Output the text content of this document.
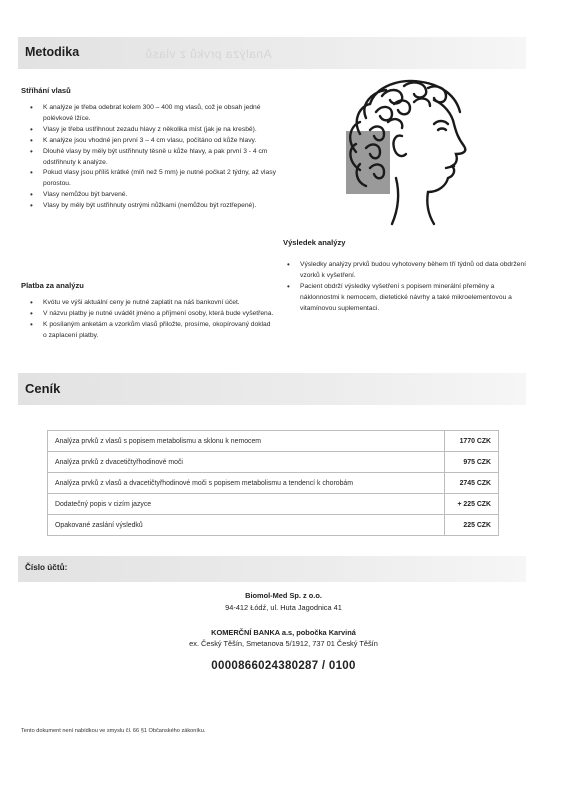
Metodika	Analýza prvků z vlasů
Stříhání vlasů
• K analýze je třeba odebrat kolem 300 – 400 mg vlasů, což je obsah jedné polévkové lžíce.
• Vlasy je třeba ustřihnout zezadu hlavy z několika míst (jak je na kresbě).
• K analýze jsou vhodné jen první 3 – 4 cm vlasu, počítáno od kůže hlavy.
• Dlouhé vlasy by měly být ustřihnuty těsně u kůže hlavy, a pak první 3 - 4 cm odstřihnuty k analýze.
• Pokud vlasy jsou příliš krátké (míň než 5 mm) je nutné počkat 2 týdny, až vlasy porostou.
• Vlasy nemůžou být barvené.
• Vlasy by měly být ustřihnuty ostrými nůžkami (nemůžou být roztřepené).
Platba za analýzu
• Kvótu ve výši aktuální ceny je nutné zaplatit na náš bankovní účet.
• V názvu platby je nutné uvádět jméno a příjmení osoby, která bude vyšetřena.
• K posílaným anketám a vzorkům vlasů přiložte, prosíme, okopírovaný doklad o zaplacení platby.
Výsledek analýzy
• Výsledky analýzy prvků budou vyhotoveny během tří týdnů od data obdržení vzorků k vyšetření.
• Pacient obdrží výsledky vyšetření s popisem minerální přeměny a náklonnostmi k nemocem, dietetické návrhy a také mikroelementovou a vitamínovou suplementaci.
Ceník
Analýza prvků z vlasů s popisem metabolismu a sklonu k nemocem	1770 CZK
Analýza prvků z dvacetičtyřhodinové moči	975 CZK
Analýza prvků z vlasů a dvacetičtyřhodinové moči s popisem metabolismu a tendencí k chorobám	2745 CZK
Dodatečný popis v cizím jazyce	+ 225 CZK
Opakované zaslání výsledků	225 CZK
Číslo účtů:
Biomol-Med Sp. z o.o.
94-412 Łódź, ul. Huta Jagodnica 41
KOMERČNÍ BANKA a.s, pobočka Karviná
ex. Český Těšín, Smetanova 5/1912, 737 01 Český Těšín
0000866024380287 / 0100
Tento dokument není nabídkou ve smyslu čl. 66 §1 Občanského zákoníku.
